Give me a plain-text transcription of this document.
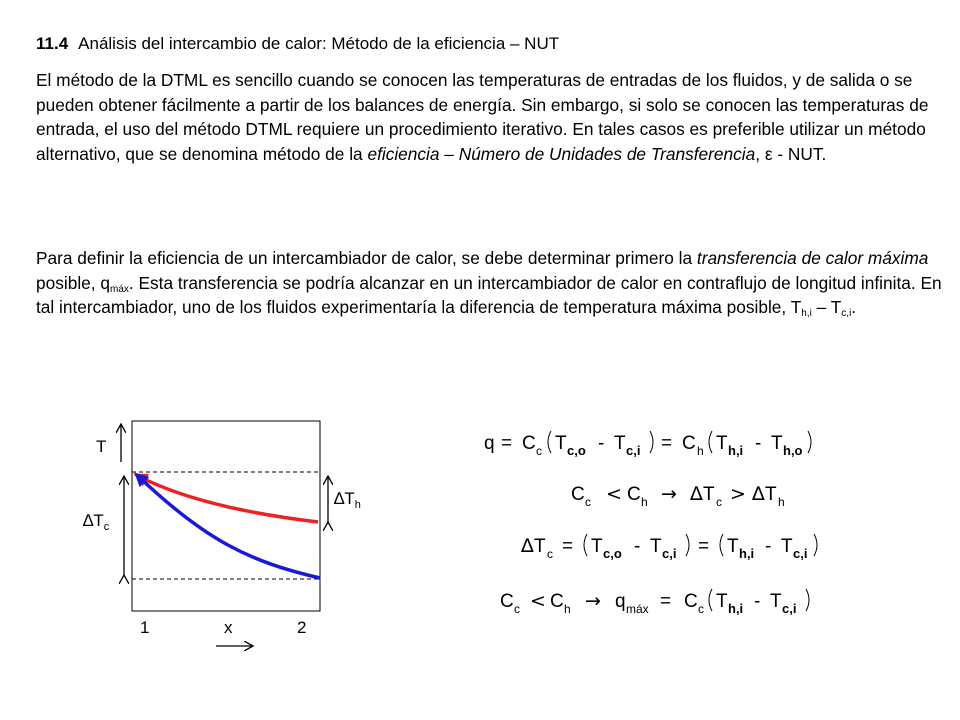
11.4 Análisis del intercambio de calor: Método de la eficiencia – NUT

El método de la DTML es sencillo cuando se conocen las temperaturas de entradas de los fluidos, y de salida o se pueden obtener fácilmente a partir de los balances de energía. Sin embargo, si solo se conocen las temperaturas de entrada, el uso del método DTML requiere un procedimiento iterativo. En tales casos es preferible utilizar un método alternativo, que se denomina método de la eficiencia – Número de Unidades de Transferencia, ε - NUT.

Para definir la eficiencia de un intercambiador de calor, se debe determinar primero la transferencia de calor máxima posible, $q_{máx}$. Esta transferencia se podría alcanzar en un intercambiador de calor en contraflujo de longitud infinita. En tal intercambiador, uno de los fluidos experimentaría la diferencia de temperatura máxima posible, $T_{h,i} - T_{c,i}$.

T
$\Delta T_c$
$\Delta T_h$
1	x	2
q = C c T c,o - T c,i = C h T h,i - T h,o
C c < C h → ∆ T c > ∆ T h
∆ T c = T c,o - T c,i = T h,i - T c,i
C c < C h → q máx = C c T h,i - T c,i
